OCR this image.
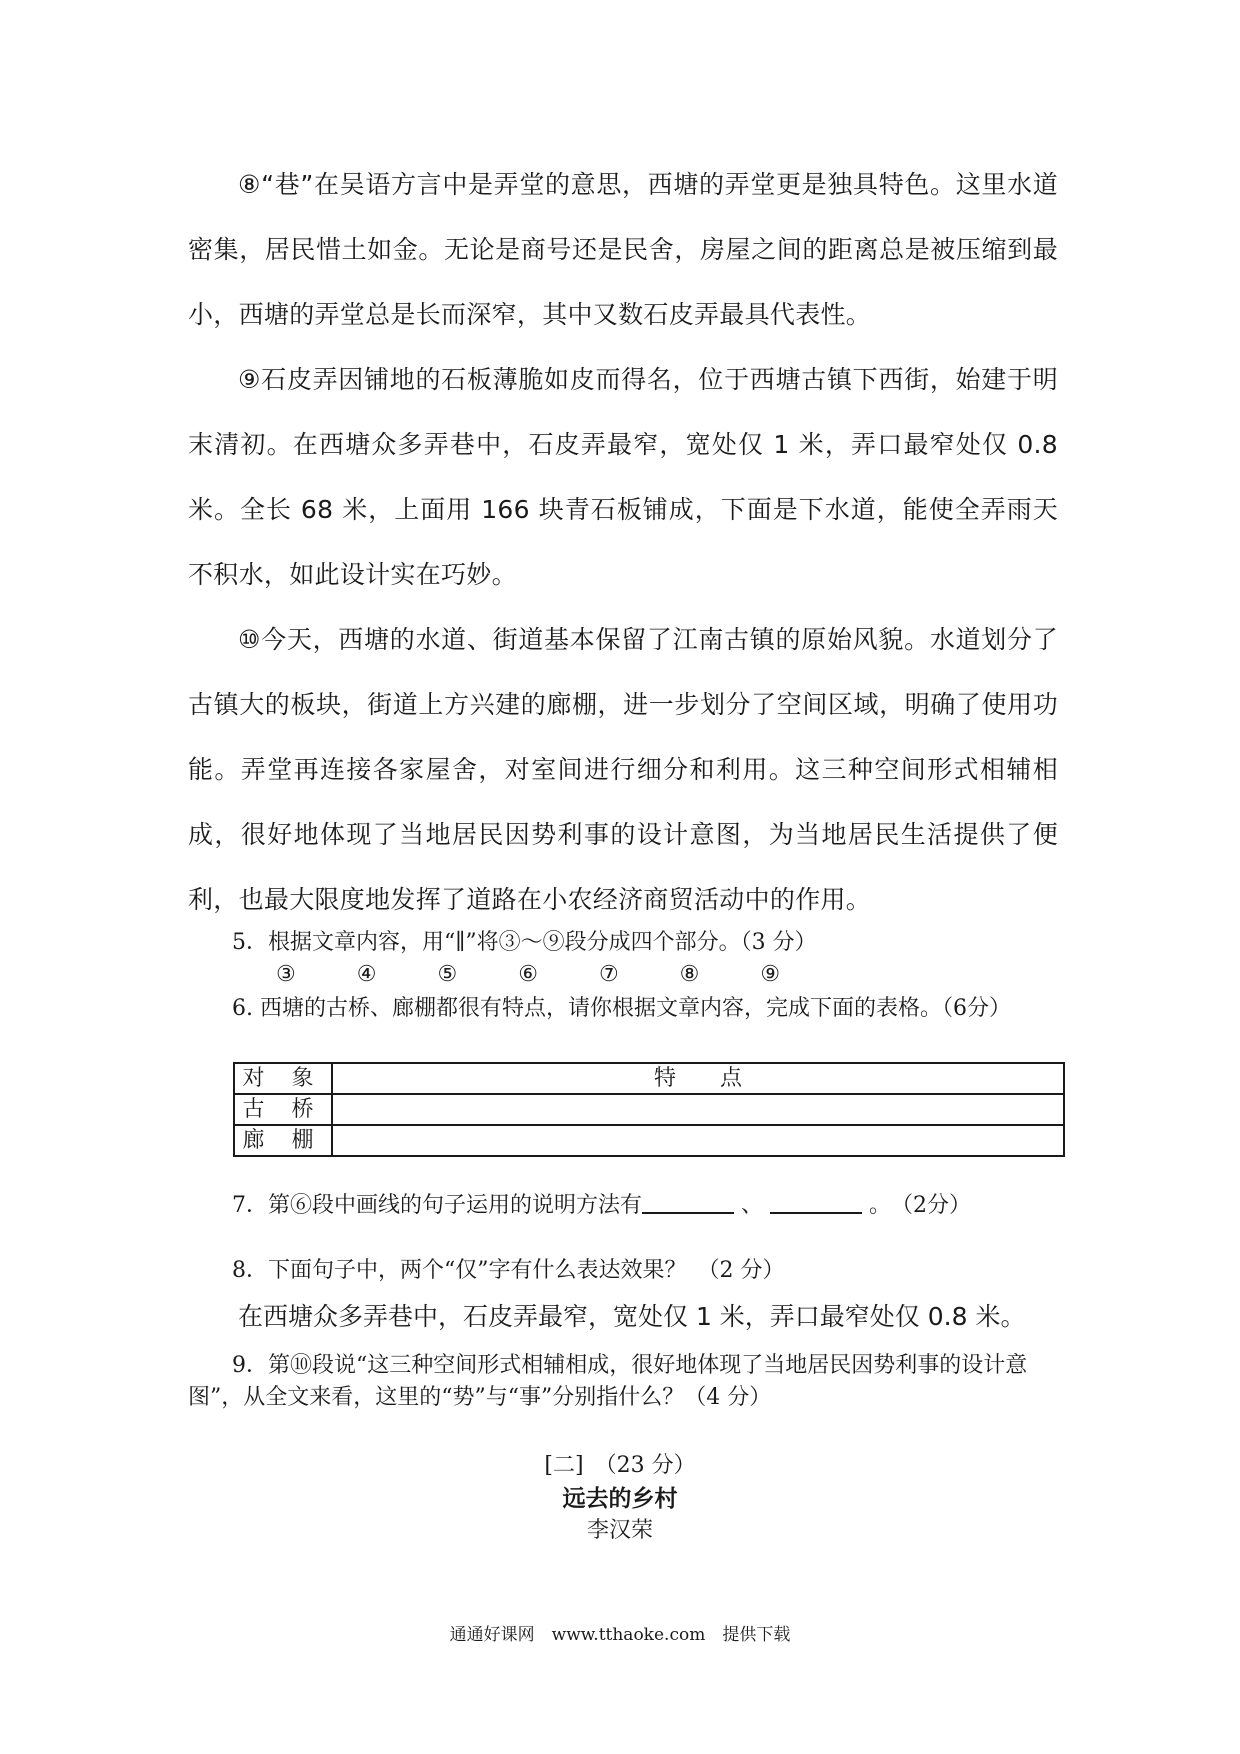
⑧“巷”在吴语方言中是弄堂的意思，西塘的弄堂更是独具特色。这里水道密集，居民惜土如金。无论是商号还是民舍，房屋之间的距离总是被压缩到最小，西塘的弄堂总是长而深窄，其中又数石皮弄最具代表性。

⑨石皮弄因铺地的石板薄脆如皮而得名，位于西塘古镇下西街，始建于明末清初。在西塘众多弄巷中，石皮弄最窄，宽处仅 1 米，弄口最窄处仅 0.8 米。全长 68 米，上面用 166 块青石板铺成，下面是下水道，能使全弄雨天不积水，如此设计实在巧妙。

⑩今天，西塘的水道、街道基本保留了江南古镇的原始风貌。水道划分了古镇大的板块，街道上方兴建的廊棚，进一步划分了空间区域，明确了使用功能。弄堂再连接各家屋舍，对室间进行细分和利用。这三种空间形式相辅相成，很好地体现了当地居民因势利事的设计意图，为当地居民生活提供了便利，也最大限度地发挥了道路在小农经济商贸活动中的作用。

5．根据文章内容，用“∥”将③～⑨段分成四个部分。（3 分）

③	④	⑤	⑥	⑦	⑧	⑨

6. 西塘的古桥、廊棚都很有特点，请你根据文章内容，完成下面的表格。（6分）

对 象	特　　点
古 桥	
廊 棚	

7．第⑥段中画线的句子运用的说明方法有	、	。　（2分）

8．下面句子中，两个“仅”字有什么表达效果？　（2 分）

在西塘众多弄巷中，石皮弄最窄，宽处仅 1 米，弄口最窄处仅 0.8 米。

9．第⑩段说“这三种空间形式相辅相成，很好地体现了当地居民因势利事的设计意图”，从全文来看，这里的“势”与“事”分别指什么？（4 分）

[二]　（23 分）
远去的乡村
李汉荣
通通好课网　www.tthaoke.com　提供下载
